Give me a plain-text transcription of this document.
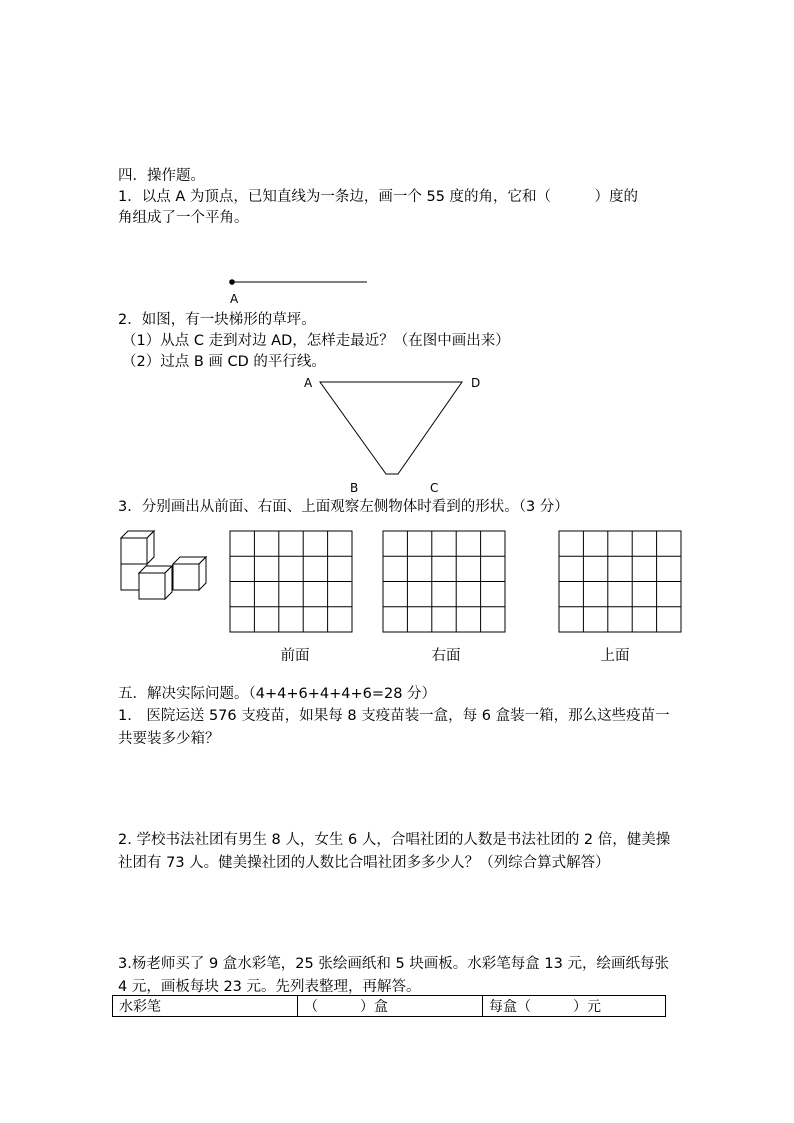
四．操作题。
1．以点 A 为顶点，已知直线为一条边，画一个 55 度的角，它和（　　　）度的
角组成了一个平角。
A
2．如图，有一块梯形的草坪。
（1）从点 C 走到对边 AD，怎样走最近？（在图中画出来）
（2）过点 B 画 CD 的平行线。
A	D
B	C
3．分别画出从前面、右面、上面观察左侧物体时看到的形状。（3 分）
前面	右面	上面
五．解决实际问题。（4+4+6+4+4+6=28 分）
1.　医院运送 576 支疫苗，如果每 8 支疫苗装一盒，每 6 盒装一箱，那么这些疫苗一共要装多少箱？
2. 学校书法社团有男生 8 人，女生 6 人，合唱社团的人数是书法社团的 2 倍，健美操社团有 73 人。健美操社团的人数比合唱社团多多少人？（列综合算式解答）
3.杨老师买了 9 盒水彩笔，25 张绘画纸和 5 块画板。水彩笔每盒 13 元，绘画纸每张 4 元，画板每块 23 元。先列表整理，再解答。
水彩笔	（　　　）盒	每盒（　　　）元
